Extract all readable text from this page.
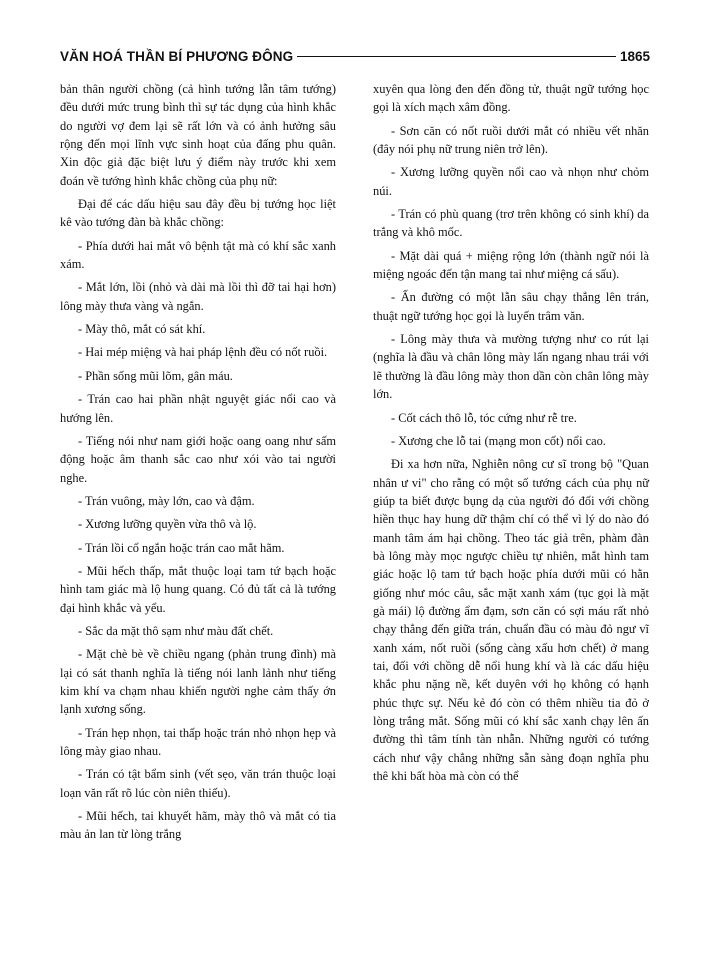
VĂN HOÁ THẦN BÍ PHƯƠNG ĐÔNG	1865

bản thân người chồng (cả hình tướng lẫn tâm tướng) đều dưới mức trung bình thì sự tác dụng của hình khắc do người vợ đem lại sẽ rất lớn và có ảnh hưởng sâu rộng đến mọi lĩnh vực sinh hoạt của đấng phu quân. Xin độc giả đặc biệt lưu ý điểm này trước khi xem đoán về tướng hình khắc chồng của phụ nữ:

Đại để các dấu hiệu sau đây đều bị tướng học liệt kê vào tướng đàn bà khắc chồng:

- Phía dưới hai mắt vô bệnh tật mà có khí sắc xanh xám.

- Mắt lớn, lồi (nhỏ và dài mà lồi thì đỡ tai hại hơn) lông mày thưa vàng và ngắn.

- Mày thô, mắt có sát khí.

- Hai mép miệng và hai pháp lệnh đều có nốt ruồi.

- Phần sống mũi lõm, gân máu.

- Trán cao hai phần nhật nguyệt giác nổi cao và hướng lên.

- Tiếng nói như nam giới hoặc oang oang như sấm động hoặc âm thanh sắc cao như xói vào tai người nghe.

- Trán vuông, mày lớn, cao và đậm.

- Xương lưỡng quyền vừa thô và lộ.

- Trán lồi cổ ngắn hoặc trán cao mắt hãm.

- Mũi hếch thấp, mắt thuộc loại tam tứ bạch hoặc hình tam giác mà lộ hung quang. Có đủ tất cả là tướng đại hình khắc và yểu.

- Sắc da mặt thô sạm như màu đất chết.

- Mặt chè bè về chiều ngang (phản trung đình) mà lại có sát thanh nghĩa là tiếng nói lanh lảnh như tiếng kim khí va chạm nhau khiến người nghe cảm thấy ớn lạnh xương sống.

- Trán hẹp nhọn, tai thấp hoặc trán nhỏ nhọn hẹp và lông mày giao nhau.

- Trán có tật bẩm sinh (vết sẹo, văn trán thuộc loại loạn văn rất rõ lúc còn niên thiếu).

- Mũi hếch, tai khuyết hãm, mày thô và mắt có tia màu ản lan từ lòng trắng

xuyên qua lòng đen đến đồng tử, thuật ngữ tướng học gọi là xích mạch xâm đồng.

- Sơn căn có nốt ruồi dưới mắt có nhiều vết nhăn (đây nói phụ nữ trung niên trở lên).

- Xương lưỡng quyền nổi cao và nhọn như chỏm núi.

- Trán có phù quang (trơ trên không có sinh khí) da trắng và khô mốc.

- Mặt dài quá + miệng rộng lớn (thành ngữ nói là miệng ngoác đến tận mang tai như miệng cá sấu).

- Ấn đường có một lằn sâu chạy thẳng lên trán, thuật ngữ tướng học gọi là luyến trâm văn.

- Lông mày thưa và mường tượng như co rút lại (nghĩa là đầu và chân lông mày lấn ngang nhau trái với lẽ thường là đầu lông mày thon dần còn chân lông mày lớn.

- Cốt cách thô lỗ, tóc cứng như rễ tre.

- Xương che lỗ tai (mạng mon cốt) nổi cao.

Đi xa hơn nữa, Nghiễn nông cư sĩ trong bộ "Quan nhân ư vi" cho rằng có một số tướng cách của phụ nữ giúp ta biết được bụng dạ của người đó đối với chồng hiền thục hay hung dữ thậm chí có thể vì lý do nào đó manh tâm ám hại chồng. Theo tác giả trên, phàm đàn bà lông mày mọc ngược chiều tự nhiên, mắt hình tam giác hoặc lộ tam tứ bạch hoặc phía dưới mũi có hằn giống như móc câu, sắc mặt xanh xám (tục gọi là mặt gà mái) lộ đường ẩm đạm, sơn căn có sợi máu rất nhỏ chạy thẳng đến giữa trán, chuẩn đầu có màu đỏ ngư vĩ xanh xám, nốt ruồi (sống càng xấu hơn chết) ở mang tai, đối với chồng dễ nổi hung khí và là các dấu hiệu khắc phu nặng nề, kết duyên với họ không có hạnh phúc thực sự. Nếu kẻ đó còn có thêm nhiều tia đỏ ở lòng trắng mắt. Sống mũi có khí sắc xanh chạy lên ấn đường thì tâm tính tàn nhẫn. Những người có tướng cách như vậy chẳng những sẵn sàng đoạn nghĩa phu thê khi bất hòa mà còn có thể
